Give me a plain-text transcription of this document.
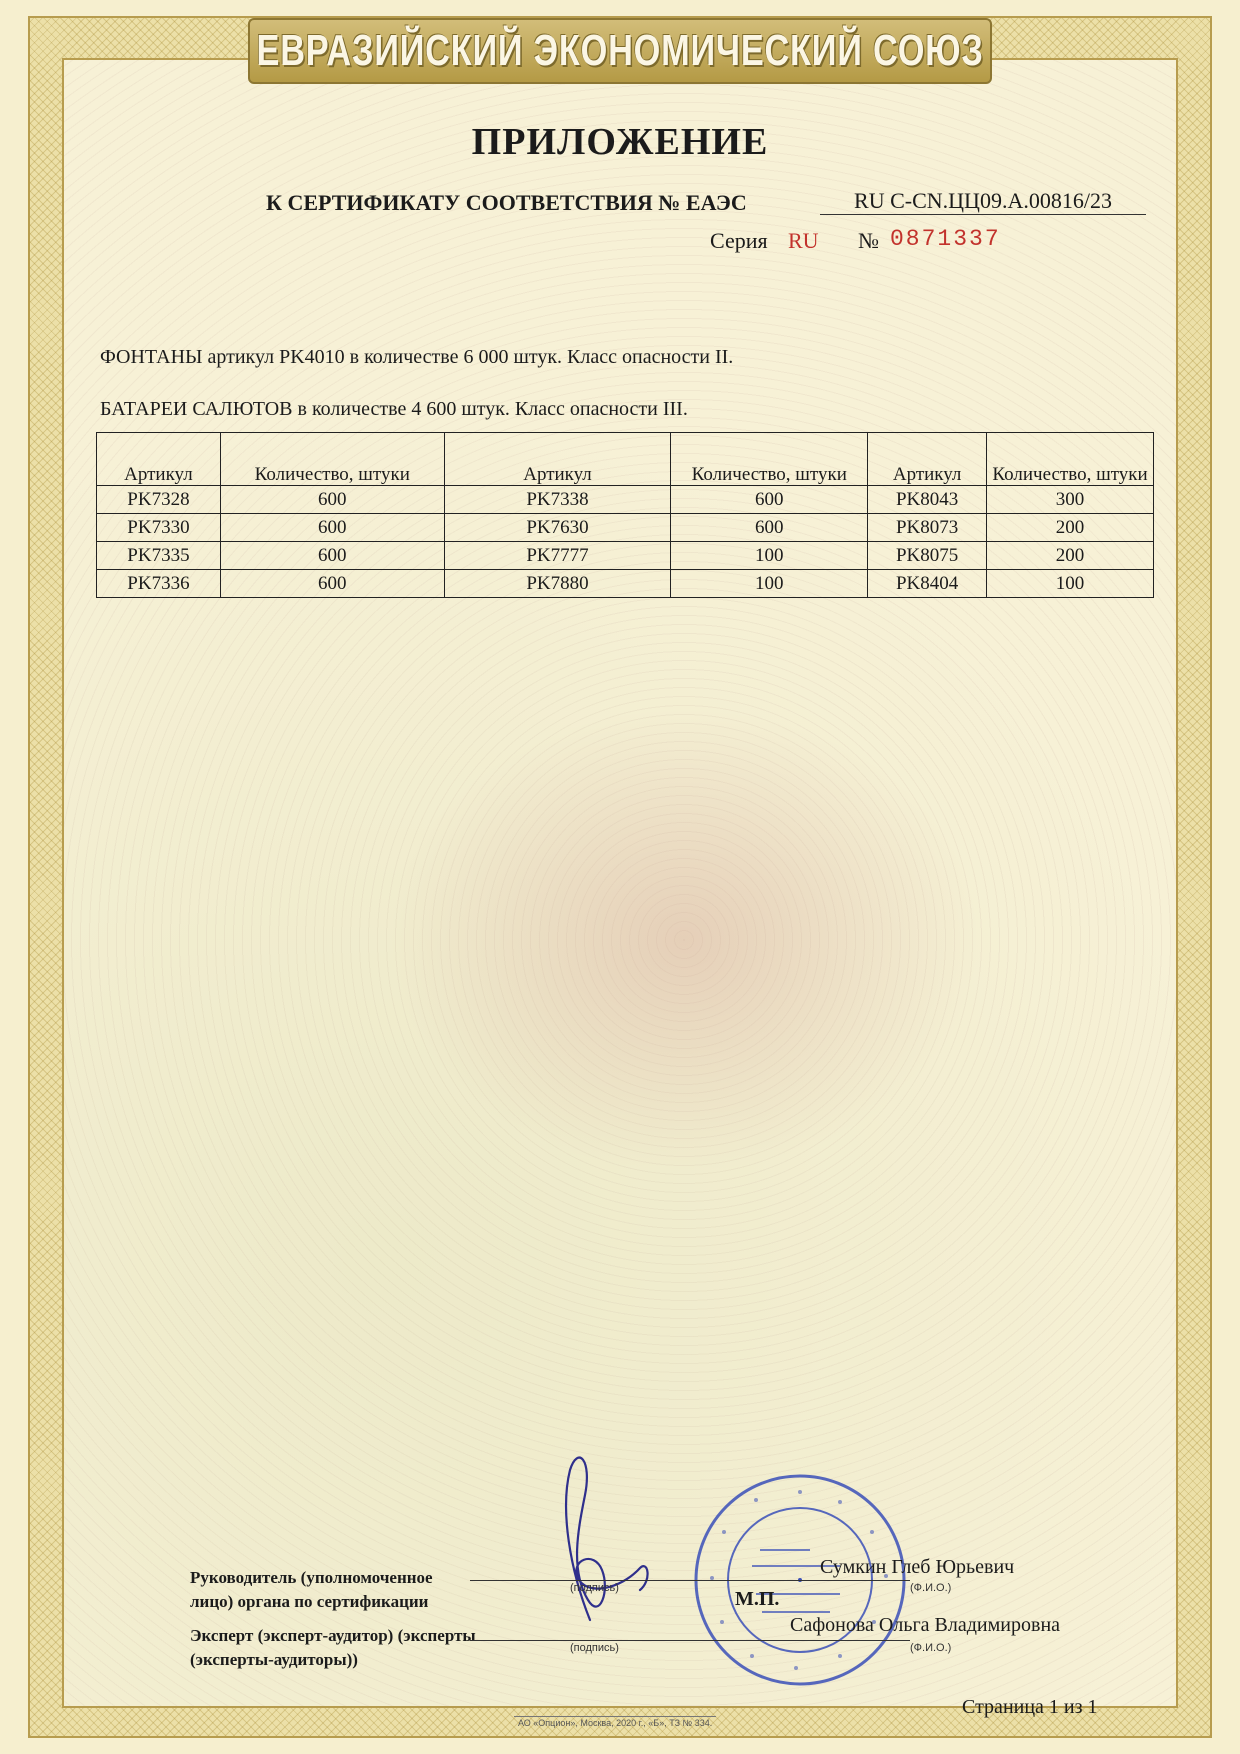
ЕВРАЗИЙСКИЙ ЭКОНОМИЧЕСКИЙ СОЮЗ
ПРИЛОЖЕНИЕ
К СЕРТИФИКАТУ СООТВЕТСТВИЯ № ЕАЭС	RU C-CN.ЦЦ09.А.00816/23
Серия RU № 0871337
ФОНТАНЫ артикул PK4010 в количестве 6 000 штук. Класс опасности II.
БАТАРЕИ САЛЮТОВ в количестве 4 600 штук. Класс опасности III.
Артикул	Количество, штуки	Артикул	Количество, штуки	Артикул	Количество, штуки
PK7328	600	PK7338	600	PK8043	300
PK7330	600	PK7630	600	PK8073	200
PK7335	600	PK7777	100	PK8075	200
PK7336	600	PK7880	100	PK8404	100
Руководитель (уполномоченное лицо) органа по сертификации
(подпись)	(Ф.И.О.)
Сумкин Глеб Юрьевич
М.П.
Эксперт (эксперт-аудитор) (эксперты (эксперты-аудиторы))
(подпись)	(Ф.И.О.)
Сафонова Ольга Владимировна
Страница 1 из 1
АО «Опцион», Москва, 2020 г., «Б», ТЗ № 334.
